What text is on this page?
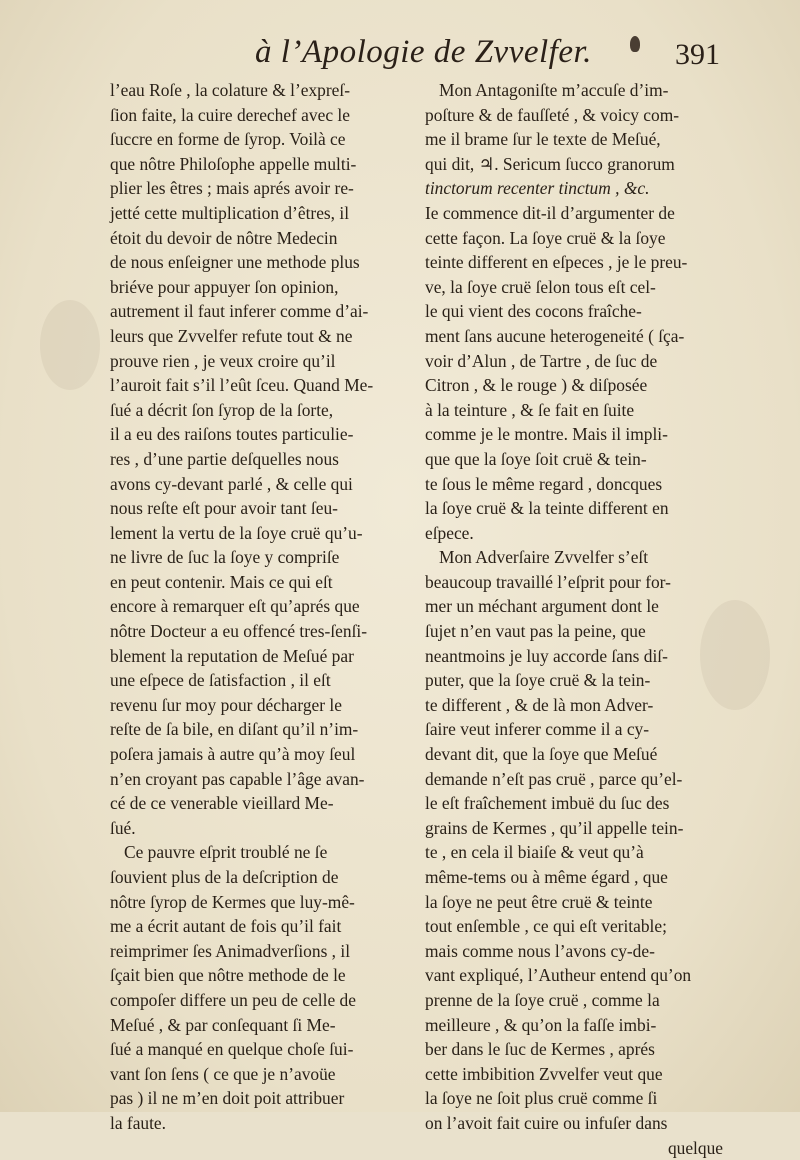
à l’Apologie de Zvvelfer.	391
l’eau Roſe , la colature & l’expreſ-
ſion faite, la cuire derechef avec le
ſuccre en forme de ſyrop. Voilà ce
que nôtre Philoſophe appelle multi-
plier les êtres ; mais aprés avoir re-
jetté cette multiplication d’êtres, il
étoit du devoir de nôtre Medecin
de nous enſeigner une methode plus
briéve pour appuyer ſon opinion,
autrement il faut inferer comme d’ai-
leurs que Zvvelfer refute tout & ne
prouve rien , je veux croire qu’il
l’auroit fait s’il l’eût ſceu. Quand Me-
ſué a décrit ſon ſyrop de la ſorte,
il a eu des raiſons toutes particulie-
res , d’une partie deſquelles nous
avons cy-devant parlé , & celle qui
nous reſte eſt pour avoir tant ſeu-
lement la vertu de la ſoye cruë qu’u-
ne livre de ſuc la ſoye y compriſe
en peut contenir. Mais ce qui eſt
encore à remarquer eſt qu’aprés que
nôtre Docteur a eu offencé tres-ſenſi-
blement la reputation de Meſué par
une eſpece de ſatisfaction , il eſt
revenu ſur moy pour décharger le
reſte de ſa bile, en diſant qu’il n’im-
poſera jamais à autre qu’à moy ſeul
n’en croyant pas capable l’âge avan-
cé de ce venerable vieillard Me-
ſué.
Ce pauvre eſprit troublé ne ſe
ſouvient plus de la deſcription de
nôtre ſyrop de Kermes que luy-mê-
me a écrit autant de fois qu’il fait
reimprimer ſes Animadverſions , il
ſçait bien que nôtre methode de le
compoſer differe un peu de celle de
Meſué , & par conſequant ſi Me-
ſué a manqué en quelque choſe ſui-
vant ſon ſens ( ce que je n’avoüe
pas ) il ne m’en doit poit attribuer
la faute.
Mon Antagoniſte m’accuſe d’im-
poſture & de fauſſeté , & voicy com-
me il brame ſur le texte de Meſué,
qui dit, ♃. Sericum ſucco granorum
tinctorum recenter tinctum , &c.
Ie commence dit-il d’argumenter de
cette façon. La ſoye cruë & la ſoye
teinte different en eſpeces , je le preu-
ve, la ſoye cruë ſelon tous eſt cel-
le qui vient des cocons fraîche-
ment ſans aucune heterogeneité ( ſça-
voir d’Alun , de Tartre , de ſuc de
Citron , & le rouge ) & diſposée
à la teinture , & ſe fait en ſuite
comme je le montre. Mais il impli-
que que la ſoye ſoit cruë & tein-
te ſous le même regard , doncques
la ſoye cruë & la teinte different en
eſpece.
Mon Adverſaire Zvvelfer s’eſt
beaucoup travaillé l’eſprit pour for-
mer un méchant argument dont le
ſujet n’en vaut pas la peine, que
neantmoins je luy accorde ſans diſ-
puter, que la ſoye cruë & la tein-
te different , & de là mon Adver-
ſaire veut inferer comme il a cy-
devant dit, que la ſoye que Meſué
demande n’eſt pas cruë , parce qu’el-
le eſt fraîchement imbuë du ſuc des
grains de Kermes , qu’il appelle tein-
te , en cela il biaiſe & veut qu’à
même-tems ou à même égard , que
la ſoye ne peut être cruë & teinte
tout enſemble , ce qui eſt veritable;
mais comme nous l’avons cy-de-
vant expliqué, l’Autheur entend qu’on
prenne de la ſoye cruë , comme la
meilleure , & qu’on la faſſe imbi-
ber dans le ſuc de Kermes , aprés
cette imbibition Zvvelfer veut que
la ſoye ne ſoit plus cruë comme ſi
on l’avoit fait cuire ou infuſer dans
quelque
